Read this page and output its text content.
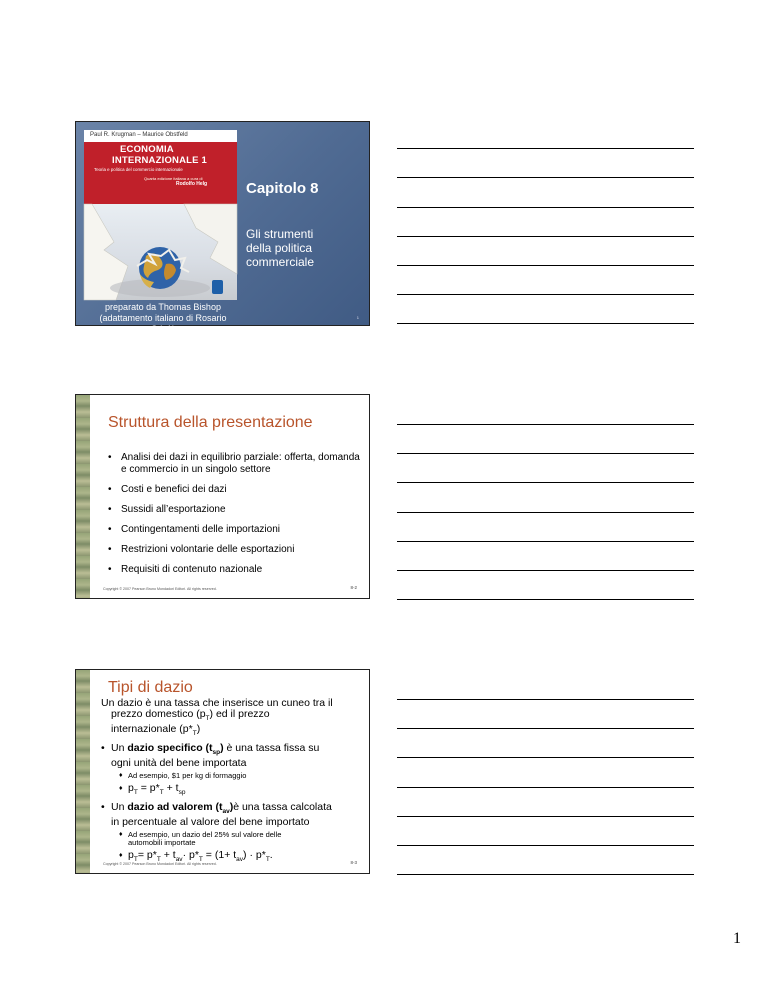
Paul R. Krugman – Maurice Obstfeld
ECONOMIA
INTERNAZIONALE 1
Teoria e politica del commercio internazionale
Quarta edizione italiana a cura di
Rodolfo Helg	Capitolo 8
Gli strumenti
della politica
commerciale
preparato da Thomas Bishop
(adattamento italiano di Rosario Crinò)
1
Struttura della presentazione
• Analisi dei dazi in equilibrio parziale: offerta, domanda e commercio in un singolo settore
• Costi e benefici dei dazi
• Sussidi all’esportazione
• Contingentamenti delle importazioni
• Restrizioni volontarie delle esportazioni
• Requisiti di contenuto nazionale
Copyright © 2007 Pearson Bruno Mondadori Editori. All rights reserved.	8-2
Tipi di dazio
Un dazio è una tassa che inserisce un cuneo tra il
prezzo domestico $(p_T)$ ed il prezzo
internazionale $(p*_T)$
• Un dazio specifico $(t_{sp})$ è una tassa fissa su
ogni unità del bene importata
♦ Ad esempio, $1 per kg di formaggio
♦ $p_T = p*_T + t_{sp}$
• Un dazio ad valorem $(t_{av})è$ una tassa calcolata
in percentuale al valore del bene importato
♦ Ad esempio, un dazio del 25% sul valore delle
automobili importate
♦ $p_T= p*_T + t_{av}\cdot p*_T = (1+ t_{av}) \cdot p*_T$.
Copyright © 2007 Pearson Bruno Mondadori Editori. All rights reserved.	8-3
1
